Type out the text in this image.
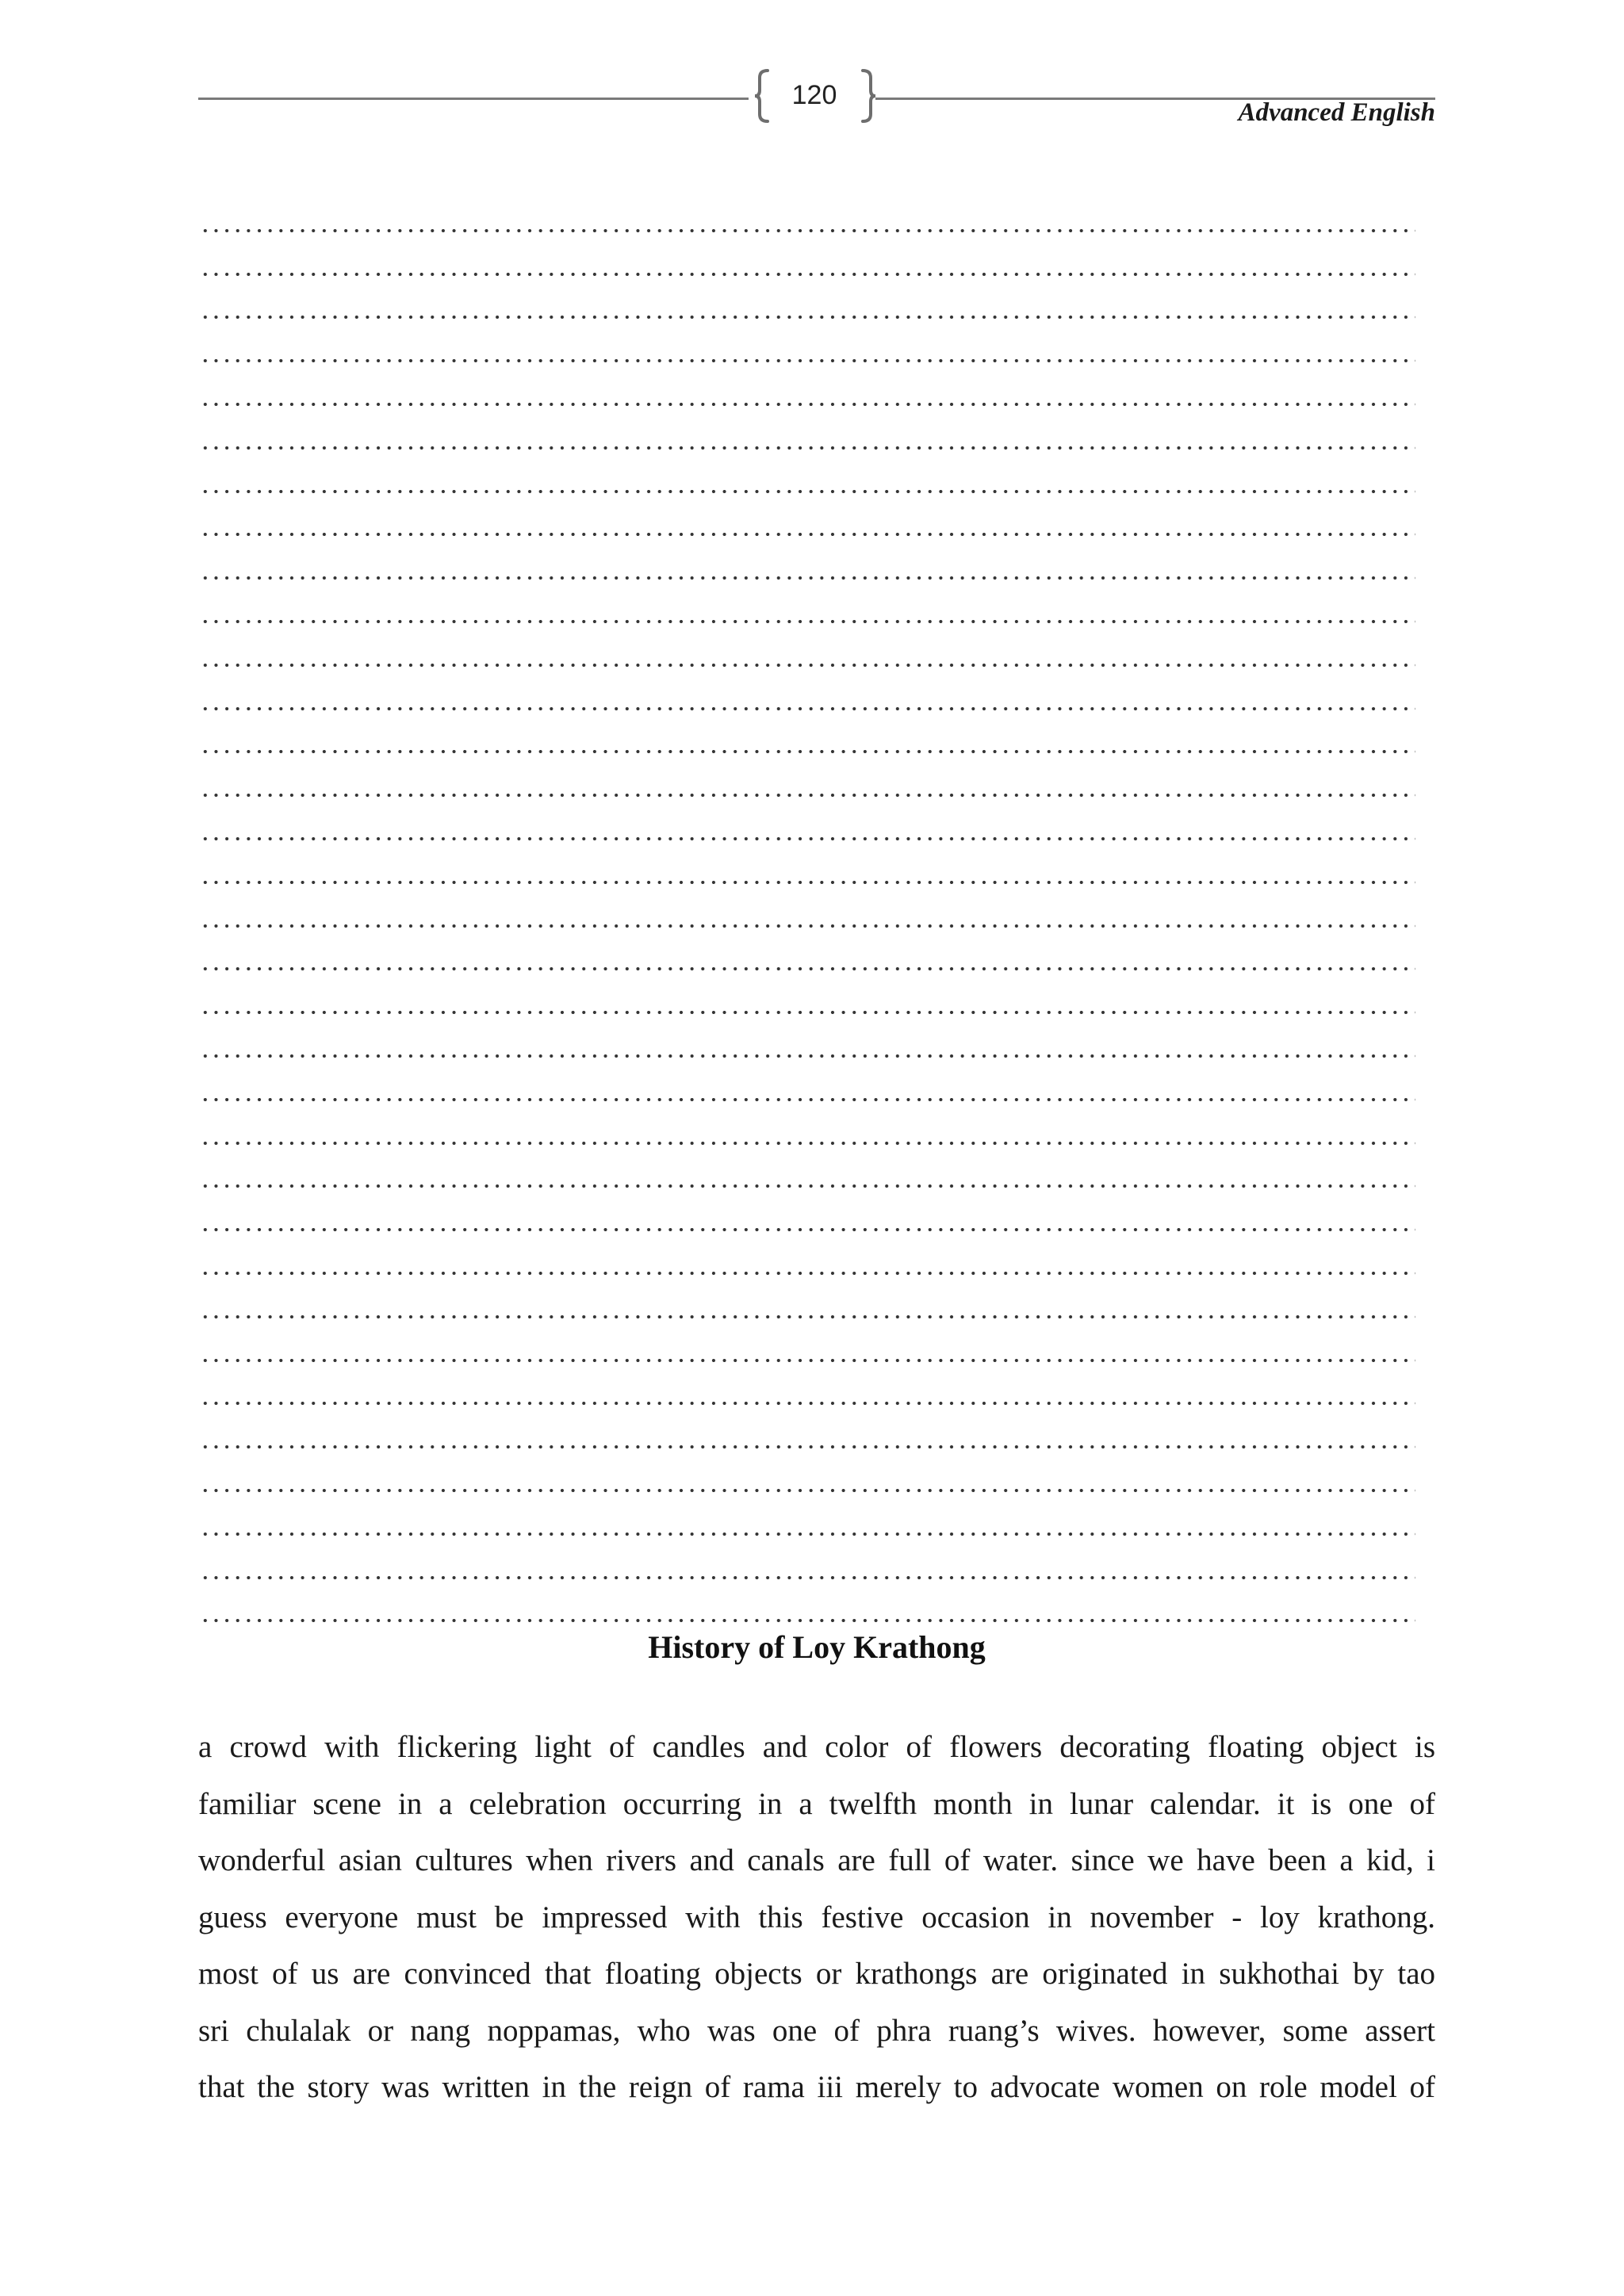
120
Advanced English
History of Loy Krathong
a crowd with flickering light of candles and color of flowers decorating floating object is
familiar scene in a celebration occurring in a twelfth month in lunar calendar. it is one of
wonderful asian cultures when rivers and canals are full of water. since we have been a kid, i
guess everyone must be impressed with this festive occasion in november - loy krathong.
most of us are convinced that floating objects or krathongs are originated in sukhothai by tao
sri chulalak or nang noppamas, who was one of phra ruang’s wives. however, some assert
that the story was written in the reign of rama iii merely to advocate women on role model of
